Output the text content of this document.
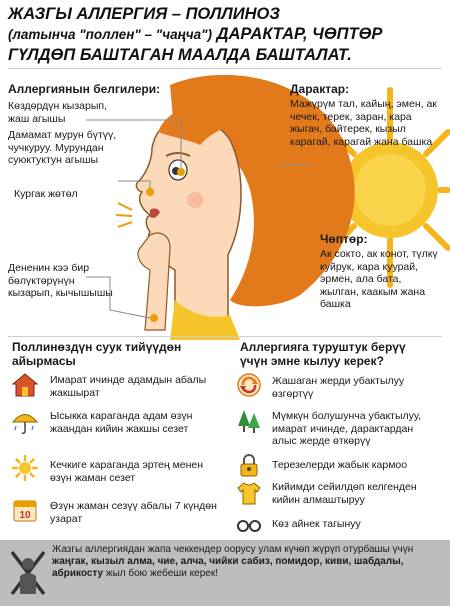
ЖАЗГЫ АЛЛЕРГИЯ – ПОЛЛИНОЗ
(латынча "поллен" – "чаңча") ДАРАКТАР, ЧӨПТӨР
ГҮЛДӨП БАШТАГАН МААЛДА БАШТАЛАТ.
Аллергиянын белгилери:
Көздөрдүн кызарып, жаш агышы
Дамамат мурун бүтүү, чучкуруу. Мурундан суюктуктун агышы
Кургак жөтөл
Дененин кээ бир бөлүктөрүнүн кызарып, кычышышы
Дарактар:
Мажүрүм тал, кайың, эмен, ак чечек, терек, заран, кара жыгач, байтерек, кызыл карагай, карагай жана башка
Чөптөр:
Ак сокто, ак конот, түлкү куйрук, кара куурай, эрмен, ала бата, жылган, каакым жана башка
Поллинөздүн суук тийүүдөн
айырмасы
Имарат ичинде адамдын абалы жакшырат
Ысыкка караганда адам өзүн жаандан кийин жакшы сезет
Кечкиге караганда эртең менен өзүн жаман сезет
10
Өзүн жаман сезүү абалы 7 күндөн узарат
Аллергияга туруштук берүү
үчүн эмне кылуу керек?
Жашаган жерди убактылуу өзгөртүү
Мүмкүн болушунча убактылуу, имарат ичинде, дарактардан алыс жерде өткөрүү
Терезелерди жабык кармоо
Кийимди сейилдөп келгенден кийин алмаштыруу
Көз айнек тагынуу
Жазгы аллергиядан жапа чеккендер оорусу улам күчөп жүрүп отурбашы үчүн жаңгак, кызыл алма, чие, алча, чийки сабиз, помидор, киви, шабдалы, абрикосту жыл бою жебеши керек!
